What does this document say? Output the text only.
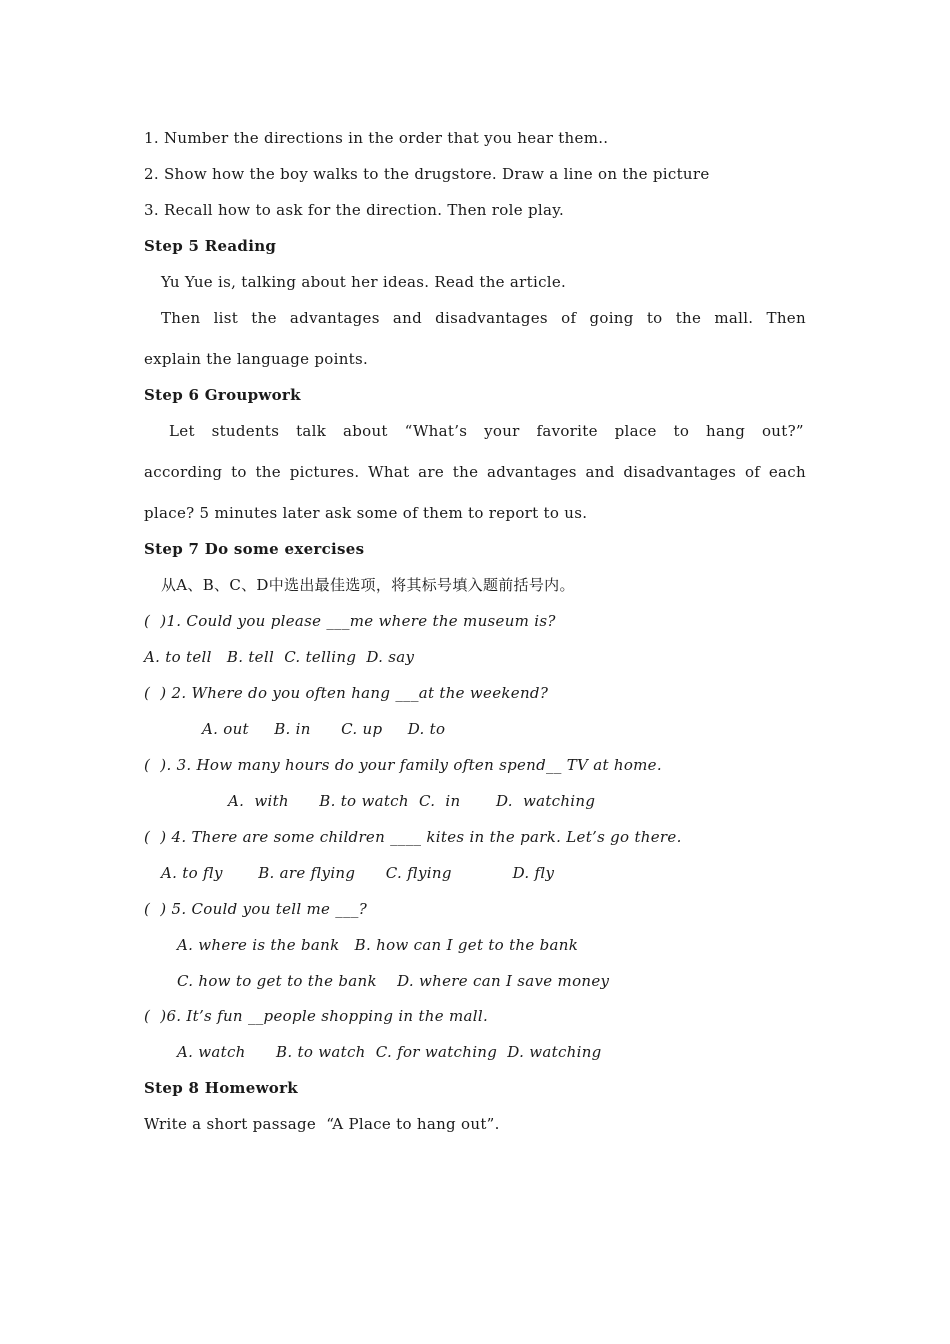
1. Number the directions in the order that you hear them..
2. Show how the boy walks to the drugstore. Draw a line on the picture
3. Recall how to ask for the direction. Then role play.
Step 5 Reading
Yu Yue is, talking about her ideas. Read the article.
Then list the advantages and disadvantages of going to the mall. Then
explain the language points.
Step 6 Groupwork
Let students talk about “What’s your favorite place to hang out?”
according to the pictures. What are the advantages and disadvantages of each
place? 5 minutes later ask some of them to report to us.
Step 7 Do some exercises
从A、B、C、D中选出最佳选项，将其标号填入题前括号内。
(  )1. Could you please ___me where the museum is?
A. to tell   B. tell  C. telling  D. say
(  ) 2. Where do you often hang ___at the weekend?
A. out     B. in      C. up     D. to
(  ). 3. How many hours do your family often spend__ TV at home.
A.  with      B. to watch  C.  in       D.  watching
(  ) 4. There are some children ____ kites in the park. Let’s go there.
A. to fly       B. are flying      C. flying            D. fly
(  ) 5. Could you tell me ___?
A. where is the bank   B. how can I get to the bank
C. how to get to the bank    D. where can I save money
(  )6. It’s fun __people shopping in the mall.
A. watch      B. to watch  C. for watching  D. watching
Step 8 Homework
Write a short passage  “A Place to hang out”.
